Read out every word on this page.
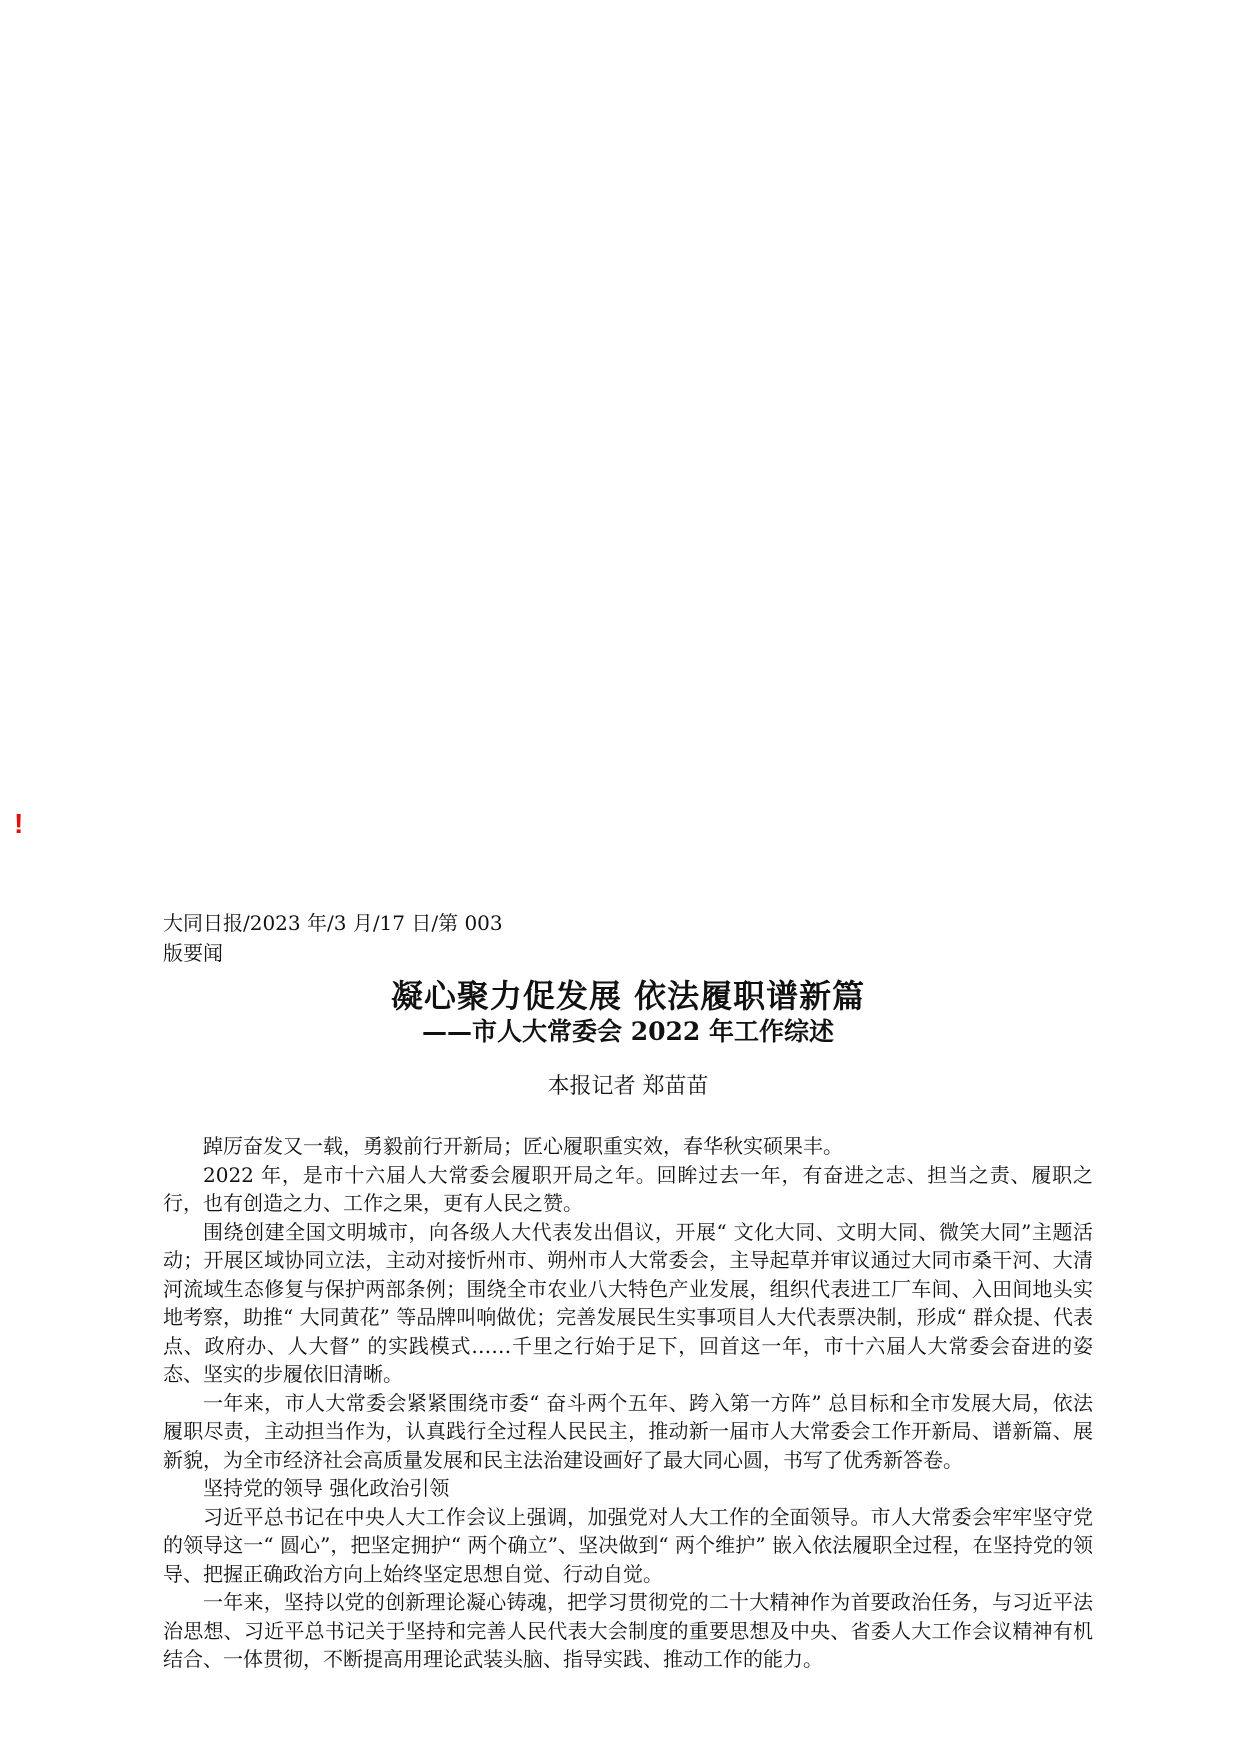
!
大同日报/2023 年/3 月/17 日/第 003
版要闻
凝心聚力促发展 依法履职谱新篇
——市人大常委会 2022 年工作综述
本报记者 郑苗苗

踔厉奋发又一载，勇毅前行开新局；匠心履职重实效，春华秋实硕果丰。

2022 年，是市十六届人大常委会履职开局之年。回眸过去一年，有奋进之志、担当之责、履职之行，也有创造之力、工作之果，更有人民之赞。

围绕创建全国文明城市，向各级人大代表发出倡议，开展“ 文化大同、文明大同、微笑大同”主题活动；开展区域协同立法，主动对接忻州市、朔州市人大常委会，主导起草并审议通过大同市桑干河、大清河流域生态修复与保护两部条例；围绕全市农业八大特色产业发展，组织代表进工厂车间、入田间地头实地考察，助推“ 大同黄花” 等品牌叫响做优；完善发展民生实事项目人大代表票决制，形成“ 群众提、代表点、政府办、人大督” 的实践模式……千里之行始于足下，回首这一年，市十六届人大常委会奋进的姿态、坚实的步履依旧清晰。

一年来，市人大常委会紧紧围绕市委“ 奋斗两个五年、跨入第一方阵” 总目标和全市发展大局，依法履职尽责，主动担当作为，认真践行全过程人民民主，推动新一届市人大常委会工作开新局、谱新篇、展新貌，为全市经济社会高质量发展和民主法治建设画好了最大同心圆，书写了优秀新答卷。

坚持党的领导 强化政治引领

习近平总书记在中央人大工作会议上强调，加强党对人大工作的全面领导。市人大常委会牢牢坚守党的领导这一“ 圆心”，把坚定拥护“ 两个确立”、坚决做到“ 两个维护” 嵌入依法履职全过程，在坚持党的领导、把握正确政治方向上始终坚定思想自觉、行动自觉。

一年来，坚持以党的创新理论凝心铸魂，把学习贯彻党的二十大精神作为首要政治任务，与习近平法治思想、习近平总书记关于坚持和完善人民代表大会制度的重要思想及中央、省委人大工作会议精神有机结合、一体贯彻，不断提高用理论武装头脑、指导实践、推动工作的能力。
